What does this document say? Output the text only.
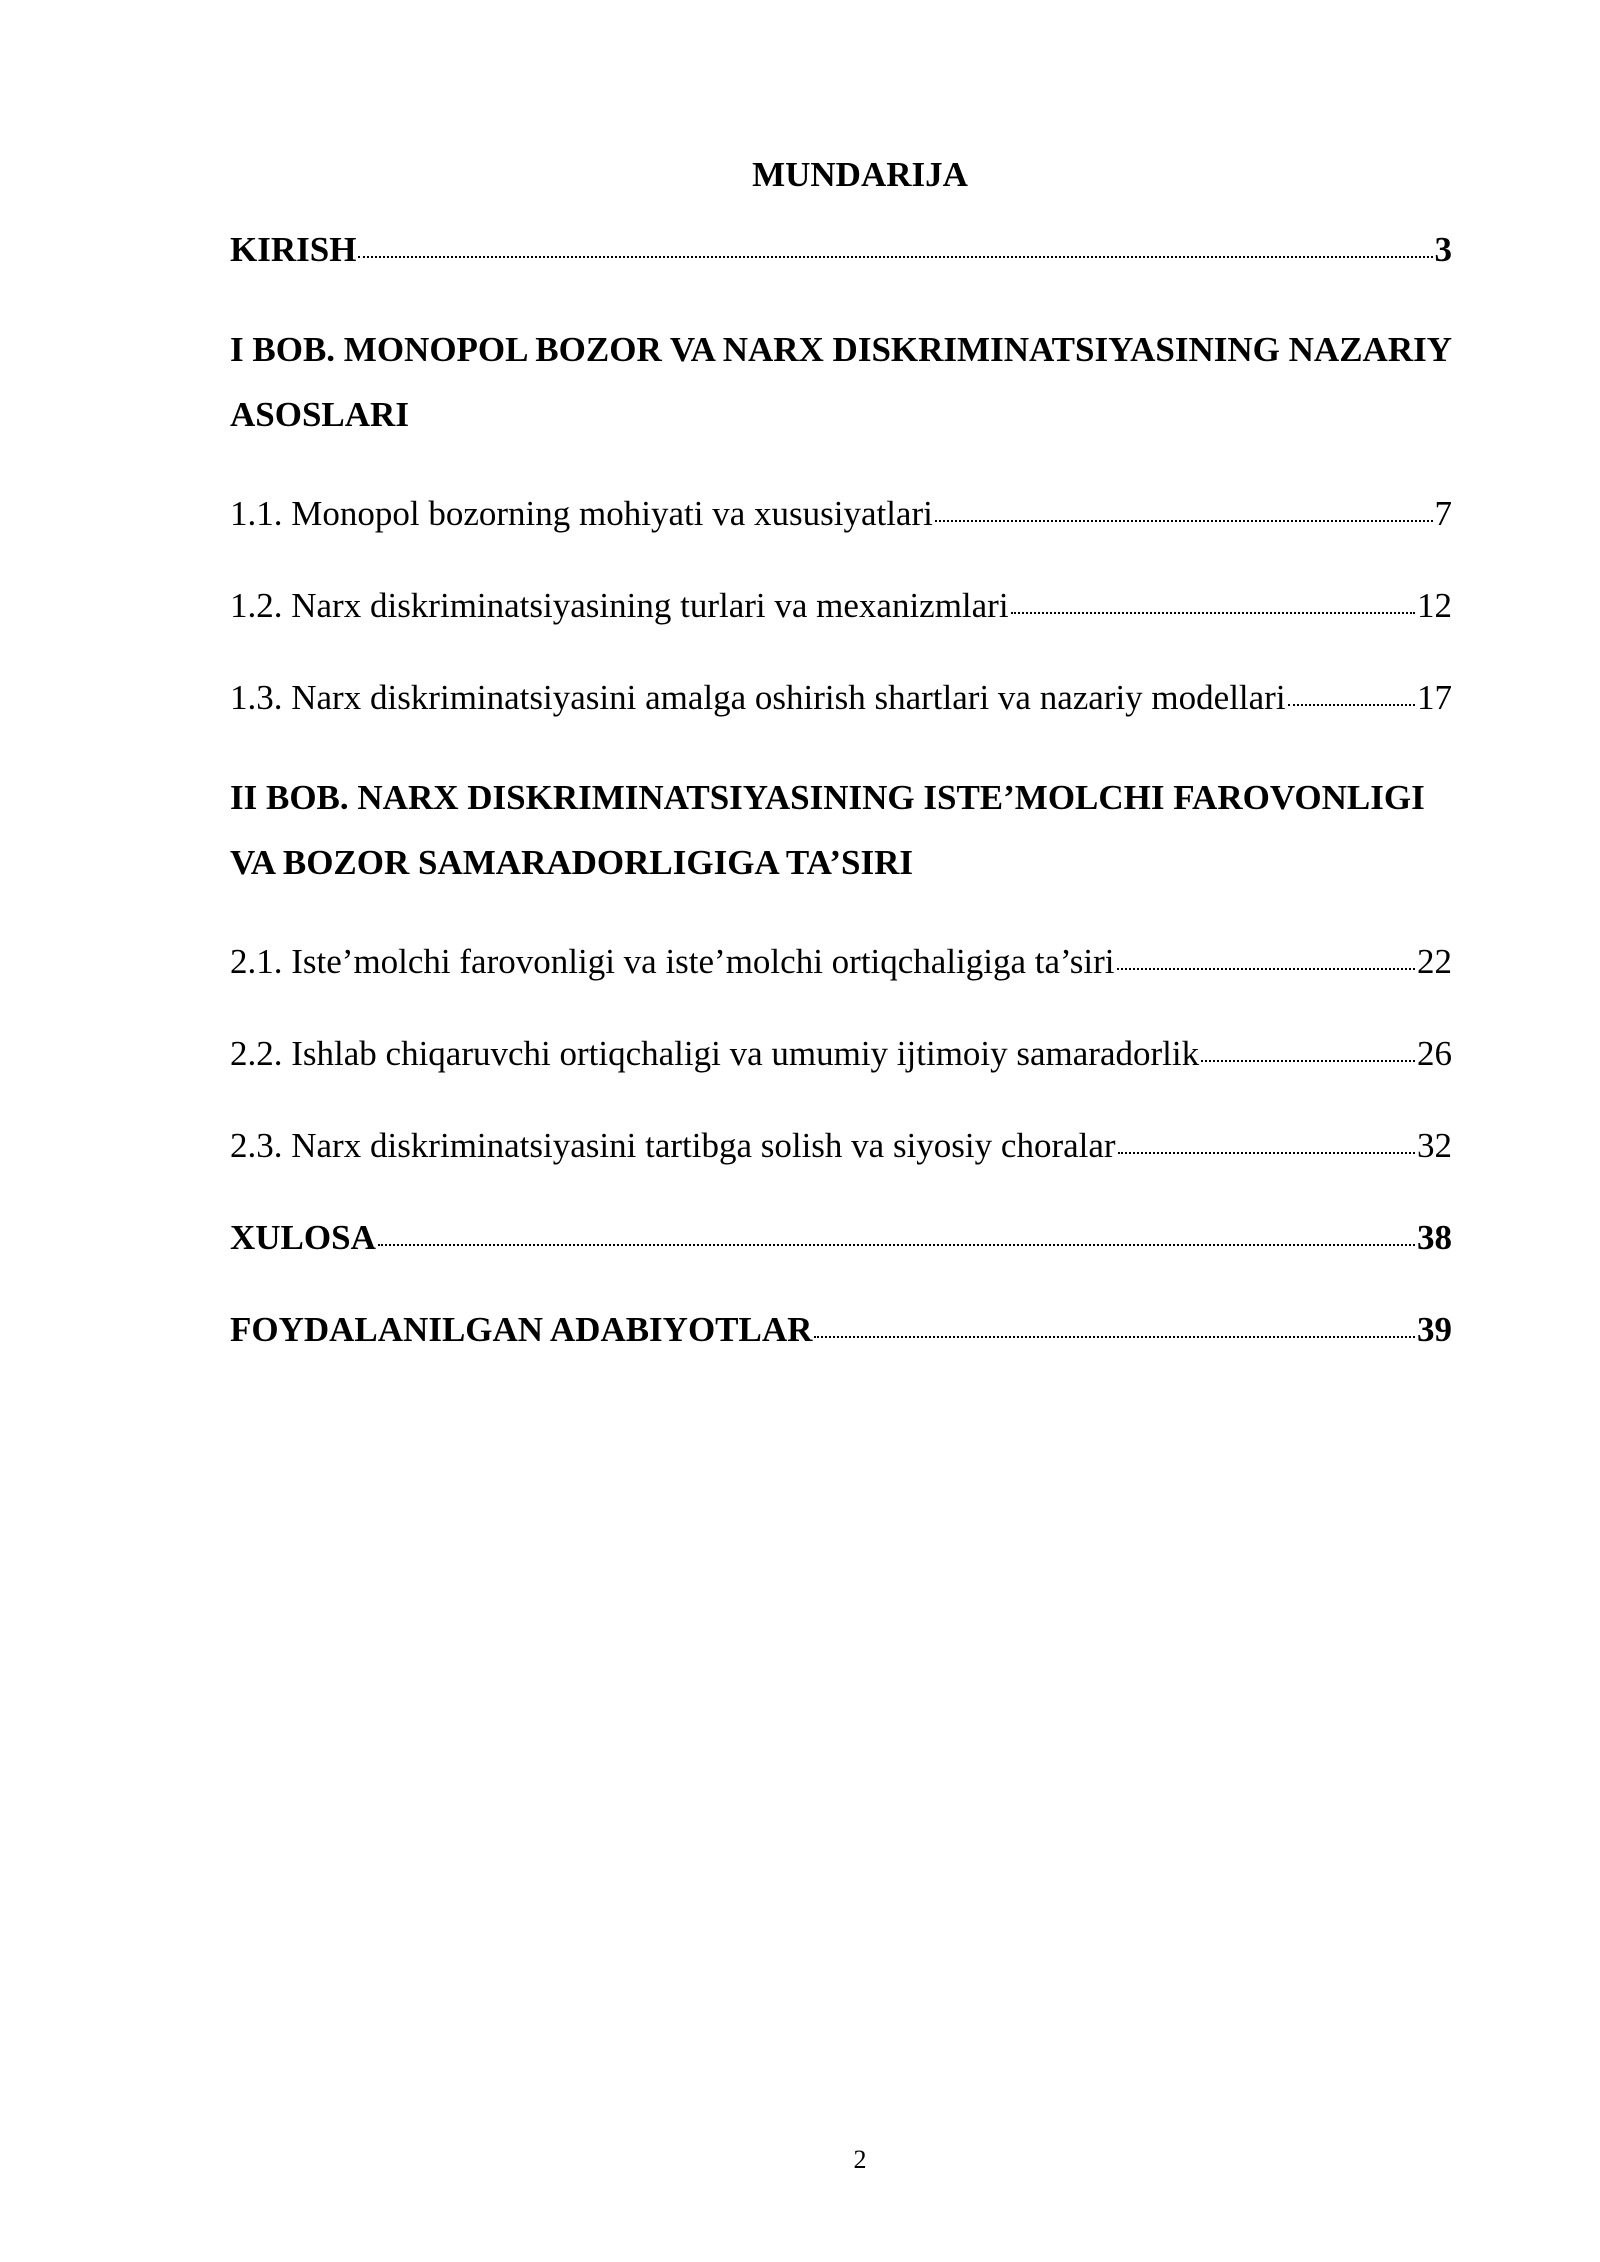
MUNDARIJA
KIRISH	3
I BOB. MONOPOL BOZOR VA NARX DISKRIMINATSIYASINING NAZARIY ASOSLARI
1.1. Monopol bozorning mohiyati va xususiyatlari	7
1.2. Narx diskriminatsiyasining turlari va mexanizmlari	12
1.3. Narx diskriminatsiyasini amalga oshirish shartlari va nazariy modellari	17
II BOB. NARX DISKRIMINATSIYASINING ISTE’MOLCHI FAROVONLIGI VA BOZOR SAMARADORLIGIGA TA’SIRI
2.1. Iste’molchi farovonligi va iste’molchi ortiqchaligiga ta’siri	22
2.2. Ishlab chiqaruvchi ortiqchaligi va umumiy ijtimoiy samaradorlik	26
2.3. Narx diskriminatsiyasini tartibga solish va siyosiy choralar	32
XULOSA	38
FOYDALANILGAN ADABIYOTLAR	39
2
